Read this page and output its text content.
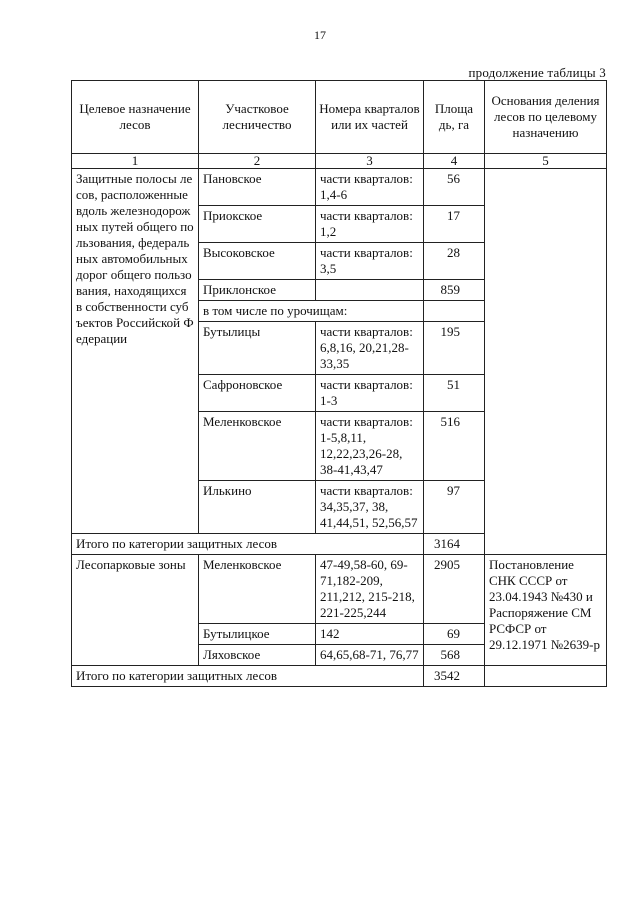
17
продолжение таблицы 3
Целевое назначение лесов	Участковое лесничество	Номера кварталов или их частей	Площа дь, га	Основания деления лесов по целевому назначению
1	2	3	4	5
Защитные полосы лесов, расположенные вдоль железнодорожных путей общего пользования, федеральных автомобильных дорог общего пользования, находящихся в собственности субъектов Российской Федерации	Пановское	части кварталов: 1,4-6	56	
	Приокское	части кварталов: 1,2	17	
	Высоковское	части кварталов: 3,5	28	
	Приклонское		859	
	в том числе по урочищам:			
	Бутылицы	части кварталов: 6,8,16, 20,21,28-33,35	195	
	Сафроновское	части кварталов: 1-3	51	
	Меленковское	части кварталов: 1-5,8,11, 12,22,23,26-28, 38-41,43,47	516	
	Илькино	части кварталов: 34,35,37, 38, 41,44,51, 52,56,57	97	
Итого по категории защитных лесов			3164	
Лесопарковые зоны	Меленковское	47-49,58-60, 69-71,182-209, 211,212, 215-218, 221-225,244	2905	Постановление СНК СССР от 23.04.1943 №430 и Распоряжение СМ РСФСР от 29.12.1971 №2639-р
	Бутылицкое	142	69	
	Ляховское	64,65,68-71, 76,77	568	
Итого по категории защитных лесов			3542	
